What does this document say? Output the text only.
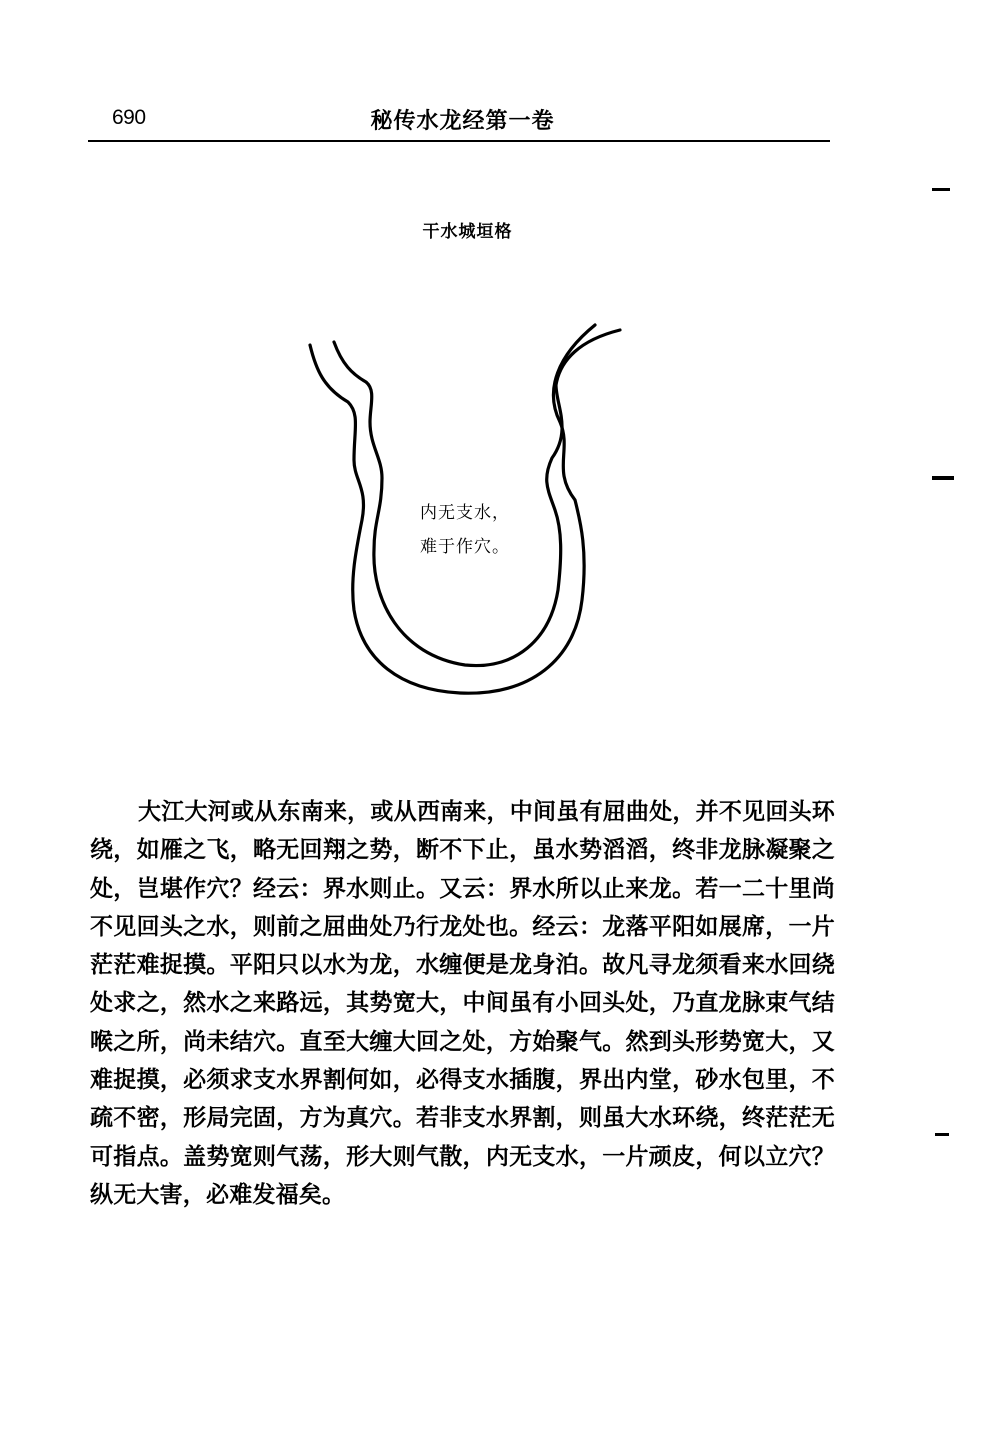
690	秘传水龙经第一卷
干水城垣格
内无支水，
难于作穴。

大江大河或从东南来，或从西南来，中间虽有屈曲处，并不见回头环绕，如雁之飞，略无回翔之势，断不下止，虽水势滔滔，终非龙脉凝聚之处，岂堪作穴？经云：界水则止。又云：界水所以止来龙。若一二十里尚不见回头之水，则前之屈曲处乃行龙处也。经云：龙落平阳如展席，一片茫茫难捉摸。平阳只以水为龙，水缠便是龙身泊。故凡寻龙须看来水回绕处求之，然水之来路远，其势宽大，中间虽有小回头处，乃直龙脉束气结喉之所，尚未结穴。直至大缠大回之处，方始聚气。然到头形势宽大，又难捉摸，必须求支水界割何如，必得支水插腹，界出内堂，砂水包里，不疏不密，形局完固，方为真穴。若非支水界割，则虽大水环绕，终茫茫无可指点。盖势宽则气荡，形大则气散，内无支水，一片顽皮，何以立穴？纵无大害，必难发福矣。
